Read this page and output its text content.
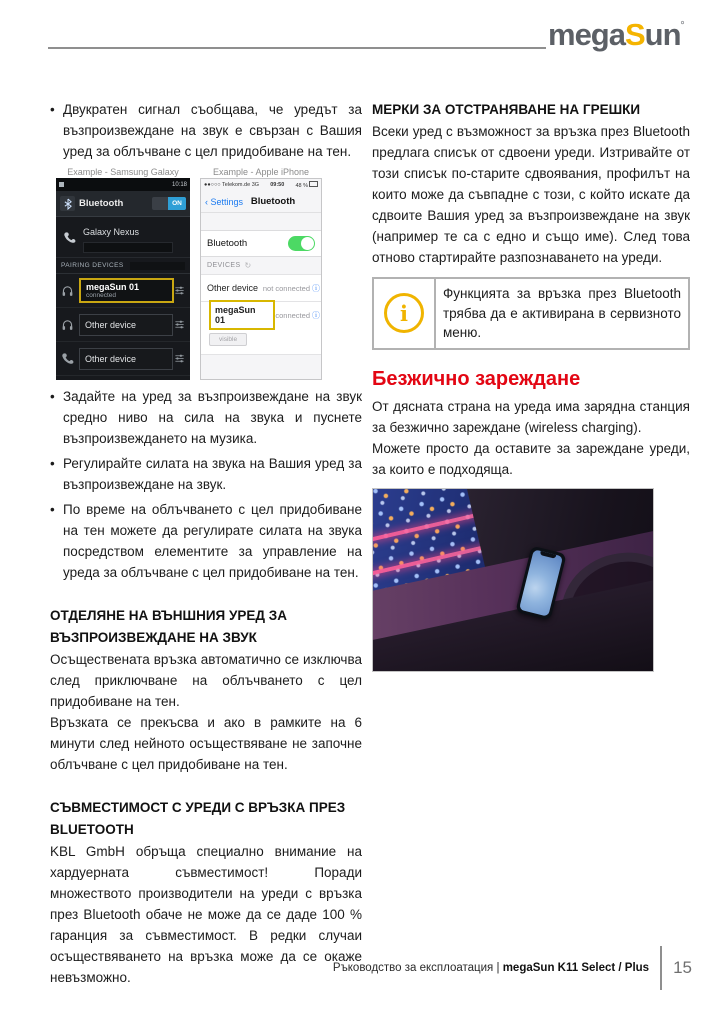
megaSun°
• Двукратен сигнал съобщава, че уредът за възпроизвеждане на звук е свързан с Вашия уред за облъчване с цел придобиване на тен.
Example - Samsung Galaxy	Example - Apple iPhone
10:18
Bluetooth	ON
Galaxy Nexus
PAIRING DEVICES
megaSun 01
connected
Other device
Other device
●●○○○ Telekom.de 3G 09:50 48 %
‹ Settings Bluetooth
Bluetooth
DEVICES ↻
Other device not connected ⓘ
megaSun 01	connected ⓘ
visible
• Задайте на уред за възпроизвеждане на звук средно ниво на сила на звука и пуснете възпроизвеждането на музика.
• Регулирайте силата на звука на Вашия уред за възпроизвеждане на звук.
• По време на облъчването с цел придобиване на тен можете да регулирате силата на звука посредством елементите за управление на уреда за облъчване с цел придобиване на тен.
ОТДЕЛЯНЕ НА ВЪНШНИЯ УРЕД ЗА ВЪЗПРОИЗВЕЖДАНЕ НА ЗВУК
Осъществената връзка автоматично се изключва след приключване на облъчването с цел придобиване на тен.
Връзката се прекъсва и ако в рамките на 6 минути след нейното осъществяване не започне облъчване с цел придобиване на тен.
СЪВМЕСТИМОСТ С УРЕДИ С ВРЪЗКА ПРЕЗ BLUETOOTH
KBL GmbH обръща специално внимание на хардуерната съвместимост! Поради множеството производители на уреди с връзка през Bluetooth обаче не може да се даде 100 % гаранция за съвместимост. В редки случаи осъществяването на връзка може да се окаже невъзможно.
МЕРКИ ЗА ОТСТРАНЯВАНЕ НА ГРЕШКИ
Всеки уред с възможност за връзка през Bluetooth предлага списък от сдвоени уреди. Изтривайте от този списък по-старите сдвоявания, профилът на които може да съвпадне с този, с който искате да сдвоите Вашия уред за възпроизвеждане на звук (например те са с едно и също име). След това отново стартирайте разпознаването на уреди.
i
Функцията за връзка през Bluetooth трябва да е активирана в сервизното меню.
Безжично зареждане
От дясната страна на уреда има зарядна станция за безжично зареждане (wireless charging).
Можете просто да оставите за зареждане уреди, за които е подходяща.
Ръководство за експлоатация | megaSun K11 Select / Plus 15
